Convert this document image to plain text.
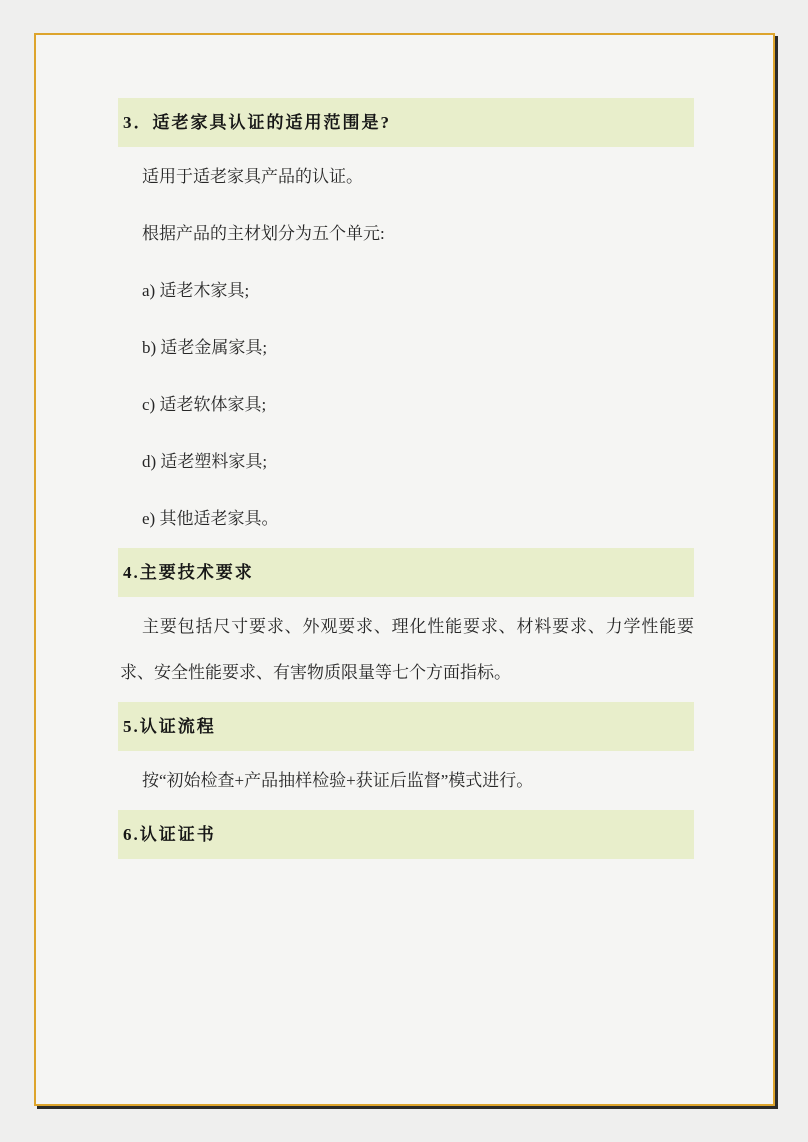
3．适老家具认证的适用范围是?
适用于适老家具产品的认证。
根据产品的主材划分为五个单元:
a) 适老木家具;
b) 适老金属家具;
c) 适老软体家具;
d) 适老塑料家具;
e) 其他适老家具。
4.主要技术要求
主要包括尺寸要求、外观要求、理化性能要求、材料要求、力学性能要求、安全性能要求、有害物质限量等七个方面指标。
5.认证流程
按“初始检查+产品抽样检验+获证后监督”模式进行。
6.认证证书
